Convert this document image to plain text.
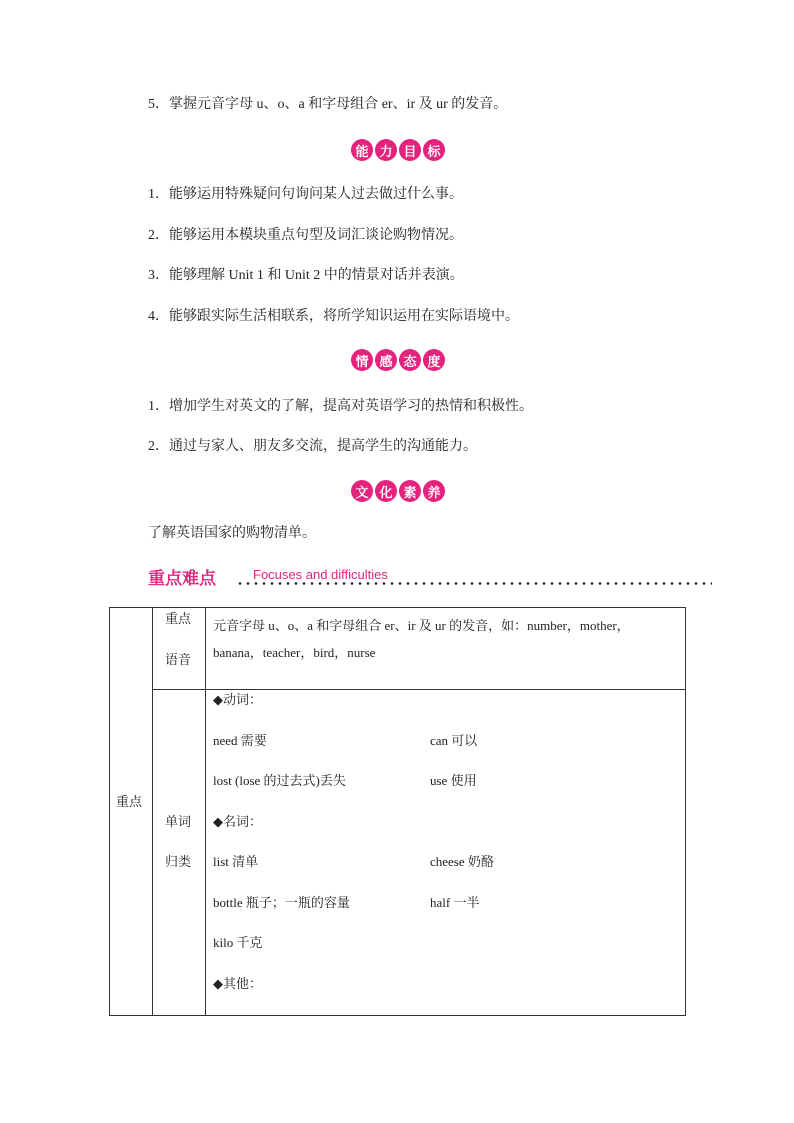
5．掌握元音字母 u、o、a 和字母组合 er、ir 及 ur 的发音。
能 力 目 标
1．能够运用特殊疑问句询问某人过去做过什么事。
2．能够运用本模块重点句型及词汇谈论购物情况。
3．能够理解 Unit 1 和 Unit 2 中的情景对话并表演。
4．能够跟实际生活相联系，将所学知识运用在实际语境中。
情 感 态 度
1．增加学生对英文的了解，提高对英语学习的热情和积极性。
2．通过与家人、朋友多交流，提高学生的沟通能力。
文 化 素 养
了解英语国家的购物清单。
重点难点	Focuses and difficulties
重点
重点
语音
元音字母 u、o、a 和字母组合 er、ir 及 ur 的发音，如：number，mother，
banana，teacher，bird，nurse
单词
归类
◆动词：
need 需要	can 可以
lost (lose 的过去式)丢失	use 使用
◆名词：
list 清单	cheese 奶酪
bottle 瓶子；一瓶的容量	half 一半
kilo 千克
◆其他：
